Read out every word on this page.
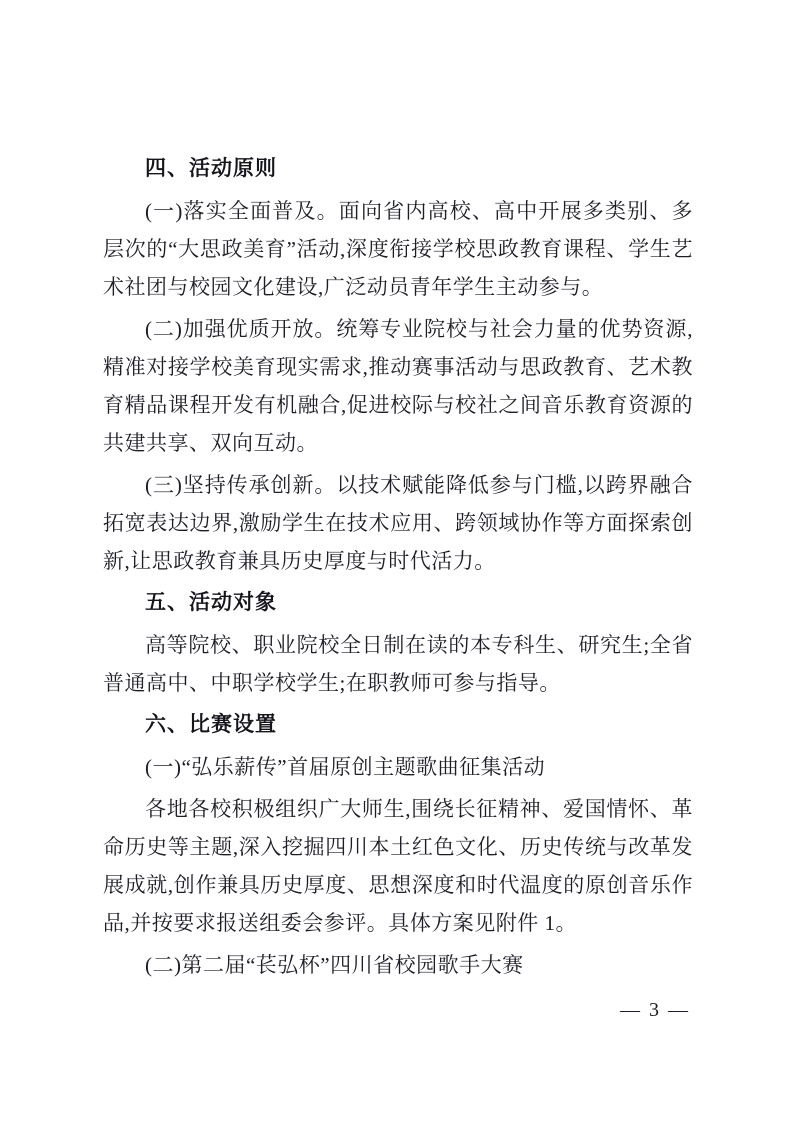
四、活动原则

(一)落实全面普及。面向省内高校、高中开展多类别、多层次的“大思政美育”活动,深度衔接学校思政教育课程、学生艺术社团与校园文化建设,广泛动员青年学生主动参与。

(二)加强优质开放。统筹专业院校与社会力量的优势资源,精准对接学校美育现实需求,推动赛事活动与思政教育、艺术教育精品课程开发有机融合,促进校际与校社之间音乐教育资源的共建共享、双向互动。

(三)坚持传承创新。以技术赋能降低参与门槛,以跨界融合拓宽表达边界,激励学生在技术应用、跨领域协作等方面探索创新,让思政教育兼具历史厚度与时代活力。

五、活动对象

高等院校、职业院校全日制在读的本专科生、研究生;全省普通高中、中职学校学生;在职教师可参与指导。

六、比赛设置

(一)“弘乐薪传”首届原创主题歌曲征集活动

各地各校积极组织广大师生,围绕长征精神、爱国情怀、革命历史等主题,深入挖掘四川本土红色文化、历史传统与改革发展成就,创作兼具历史厚度、思想深度和时代温度的原创音乐作品,并按要求报送组委会参评。具体方案见附件 1。

(二)第二届“苌弘杯”四川省校园歌手大赛

— 3 —
